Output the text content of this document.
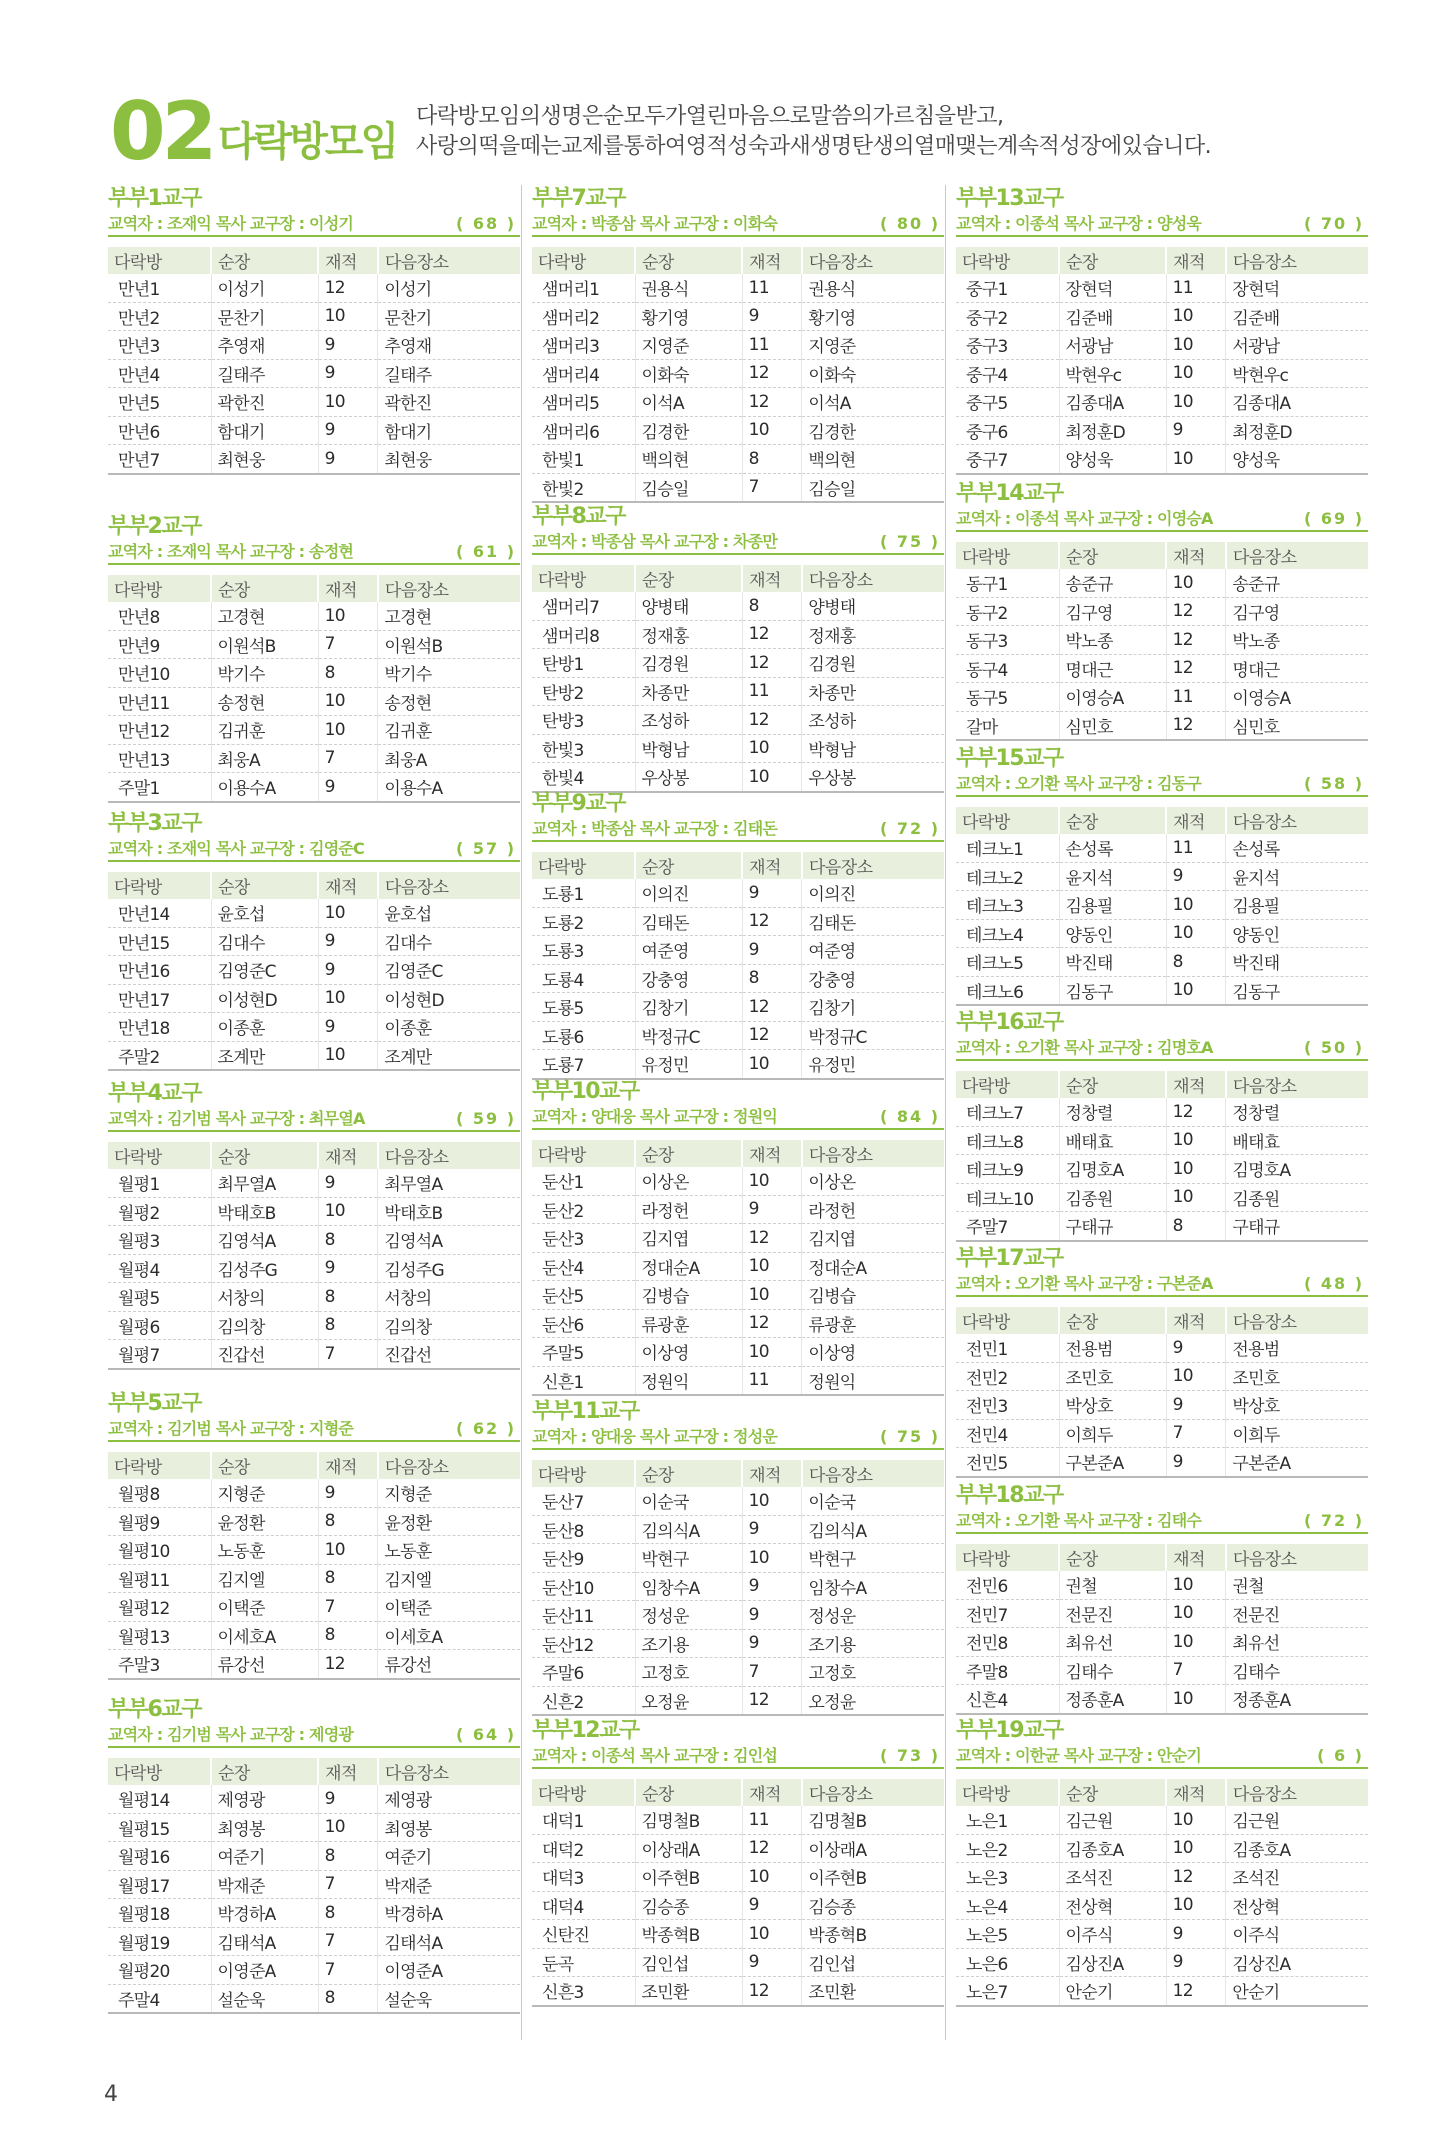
02 다락방모임
다락방모임의생명은순모두가열린마음으로말씀의가르침을받고,
사랑의떡을떼는교제를통하여영적성숙과새생명탄생의열매맺는계속적성장에있습니다.
부부1교구
교역자 : 조재익 목사 교구장 : 이성기	( 68 )
다락방	순장	재적	다음장소
만년1	이성기	12	이성기
만년2	문찬기	10	문찬기
만년3	추영재	9	추영재
만년4	길태주	9	길태주
만년5	곽한진	10	곽한진
만년6	함대기	9	함대기
만년7	최현웅	9	최현웅
부부2교구
교역자 : 조재익 목사 교구장 : 송정현	( 61 )
다락방	순장	재적	다음장소
만년8	고경현	10	고경현
만년9	이원석B	7	이원석B
만년10	박기수	8	박기수
만년11	송정현	10	송정현
만년12	김귀훈	10	김귀훈
만년13	최웅A	7	최웅A
주말1	이용수A	9	이용수A
부부3교구
교역자 : 조재익 목사 교구장 : 김영준C	( 57 )
다락방	순장	재적	다음장소
만년14	윤호섭	10	윤호섭
만년15	김대수	9	김대수
만년16	김영준C	9	김영준C
만년17	이성현D	10	이성현D
만년18	이종훈	9	이종훈
주말2	조계만	10	조계만
부부4교구
교역자 : 김기범 목사 교구장 : 최무열A	( 59 )
다락방	순장	재적	다음장소
월평1	최무열A	9	최무열A
월평2	박태호B	10	박태호B
월평3	김영석A	8	김영석A
월평4	김성주G	9	김성주G
월평5	서창의	8	서창의
월평6	김의창	8	김의창
월평7	진갑선	7	진갑선
부부5교구
교역자 : 김기범 목사 교구장 : 지형준	( 62 )
다락방	순장	재적	다음장소
월평8	지형준	9	지형준
월평9	윤정환	8	윤정환
월평10	노동훈	10	노동훈
월평11	김지엘	8	김지엘
월평12	이택준	7	이택준
월평13	이세호A	8	이세호A
주말3	류강선	12	류강선
부부6교구
교역자 : 김기범 목사 교구장 : 제영광	( 64 )
다락방	순장	재적	다음장소
월평14	제영광	9	제영광
월평15	최영봉	10	최영봉
월평16	여준기	8	여준기
월평17	박재준	7	박재준
월평18	박경하A	8	박경하A
월평19	김태석A	7	김태석A
월평20	이영준A	7	이영준A
주말4	설순욱	8	설순욱
부부7교구
교역자 : 박종삼 목사 교구장 : 이화숙	( 80 )
다락방	순장	재적	다음장소
샘머리1	권용식	11	권용식
샘머리2	황기영	9	황기영
샘머리3	지영준	11	지영준
샘머리4	이화숙	12	이화숙
샘머리5	이석A	12	이석A
샘머리6	김경한	10	김경한
한빛1	백의현	8	백의현
한빛2	김승일	7	김승일
부부8교구
교역자 : 박종삼 목사 교구장 : 차종만	( 75 )
다락방	순장	재적	다음장소
샘머리7	양병태	8	양병태
샘머리8	정재홍	12	정재홍
탄방1	김경원	12	김경원
탄방2	차종만	11	차종만
탄방3	조성하	12	조성하
한빛3	박형남	10	박형남
한빛4	우상봉	10	우상봉
부부9교구
교역자 : 박종삼 목사 교구장 : 김태돈	( 72 )
다락방	순장	재적	다음장소
도룡1	이의진	9	이의진
도룡2	김태돈	12	김태돈
도룡3	여준영	9	여준영
도룡4	강충영	8	강충영
도룡5	김창기	12	김창기
도룡6	박정규C	12	박정규C
도룡7	유정민	10	유정민
부부10교구
교역자 : 양대웅 목사 교구장 : 정원익	( 84 )
다락방	순장	재적	다음장소
둔산1	이상온	10	이상온
둔산2	라정헌	9	라정헌
둔산3	김지엽	12	김지엽
둔산4	정대순A	10	정대순A
둔산5	김병습	10	김병습
둔산6	류광훈	12	류광훈
주말5	이상영	10	이상영
신흔1	정원익	11	정원익
부부11교구
교역자 : 양대웅 목사 교구장 : 정성운	( 75 )
다락방	순장	재적	다음장소
둔산7	이순국	10	이순국
둔산8	김의식A	9	김의식A
둔산9	박현구	10	박현구
둔산10	임창수A	9	임창수A
둔산11	정성운	9	정성운
둔산12	조기용	9	조기용
주말6	고정호	7	고정호
신흔2	오정윤	12	오정윤
부부12교구
교역자 : 이종석 목사 교구장 : 김인섭	( 73 )
다락방	순장	재적	다음장소
대덕1	김명철B	11	김명철B
대덕2	이상래A	12	이상래A
대덕3	이주현B	10	이주현B
대덕4	김승종	9	김승종
신탄진	박종혁B	10	박종혁B
둔곡	김인섭	9	김인섭
신흔3	조민환	12	조민환
부부13교구
교역자 : 이종석 목사 교구장 : 양성욱	( 70 )
다락방	순장	재적	다음장소
중구1	장현덕	11	장현덕
중구2	김준배	10	김준배
중구3	서광남	10	서광남
중구4	박현우c	10	박현우c
중구5	김종대A	10	김종대A
중구6	최정훈D	9	최정훈D
중구7	양성욱	10	양성욱
부부14교구
교역자 : 이종석 목사 교구장 : 이영승A	( 69 )
다락방	순장	재적	다음장소
동구1	송준규	10	송준규
동구2	김구영	12	김구영
동구3	박노종	12	박노종
동구4	명대근	12	명대근
동구5	이영승A	11	이영승A
갈마	심민호	12	심민호
부부15교구
교역자 : 오기환 목사 교구장 : 김동구	( 58 )
다락방	순장	재적	다음장소
테크노1	손성록	11	손성록
테크노2	윤지석	9	윤지석
테크노3	김용필	10	김용필
테크노4	양동인	10	양동인
테크노5	박진태	8	박진태
테크노6	김동구	10	김동구
부부16교구
교역자 : 오기환 목사 교구장 : 김명호A	( 50 )
다락방	순장	재적	다음장소
테크노7	정창렬	12	정창렬
테크노8	배태효	10	배태효
테크노9	김명호A	10	김명호A
테크노10	김종원	10	김종원
주말7	구태규	8	구태규
부부17교구
교역자 : 오기환 목사 교구장 : 구본준A	( 48 )
다락방	순장	재적	다음장소
전민1	전용범	9	전용범
전민2	조민호	10	조민호
전민3	박상호	9	박상호
전민4	이희두	7	이희두
전민5	구본준A	9	구본준A
부부18교구
교역자 : 오기환 목사 교구장 : 김태수	( 72 )
다락방	순장	재적	다음장소
전민6	권철	10	권철
전민7	전문진	10	전문진
전민8	최유선	10	최유선
주말8	김태수	7	김태수
신흔4	정종훈A	10	정종훈A
부부19교구
교역자 : 이한균 목사 교구장 : 안순기	( 6 )
다락방	순장	재적	다음장소
노은1	김근원	10	김근원
노은2	김종호A	10	김종호A
노은3	조석진	12	조석진
노은4	전상혁	10	전상혁
노은5	이주식	9	이주식
노은6	김상진A	9	김상진A
노은7	안순기	12	안순기
4
